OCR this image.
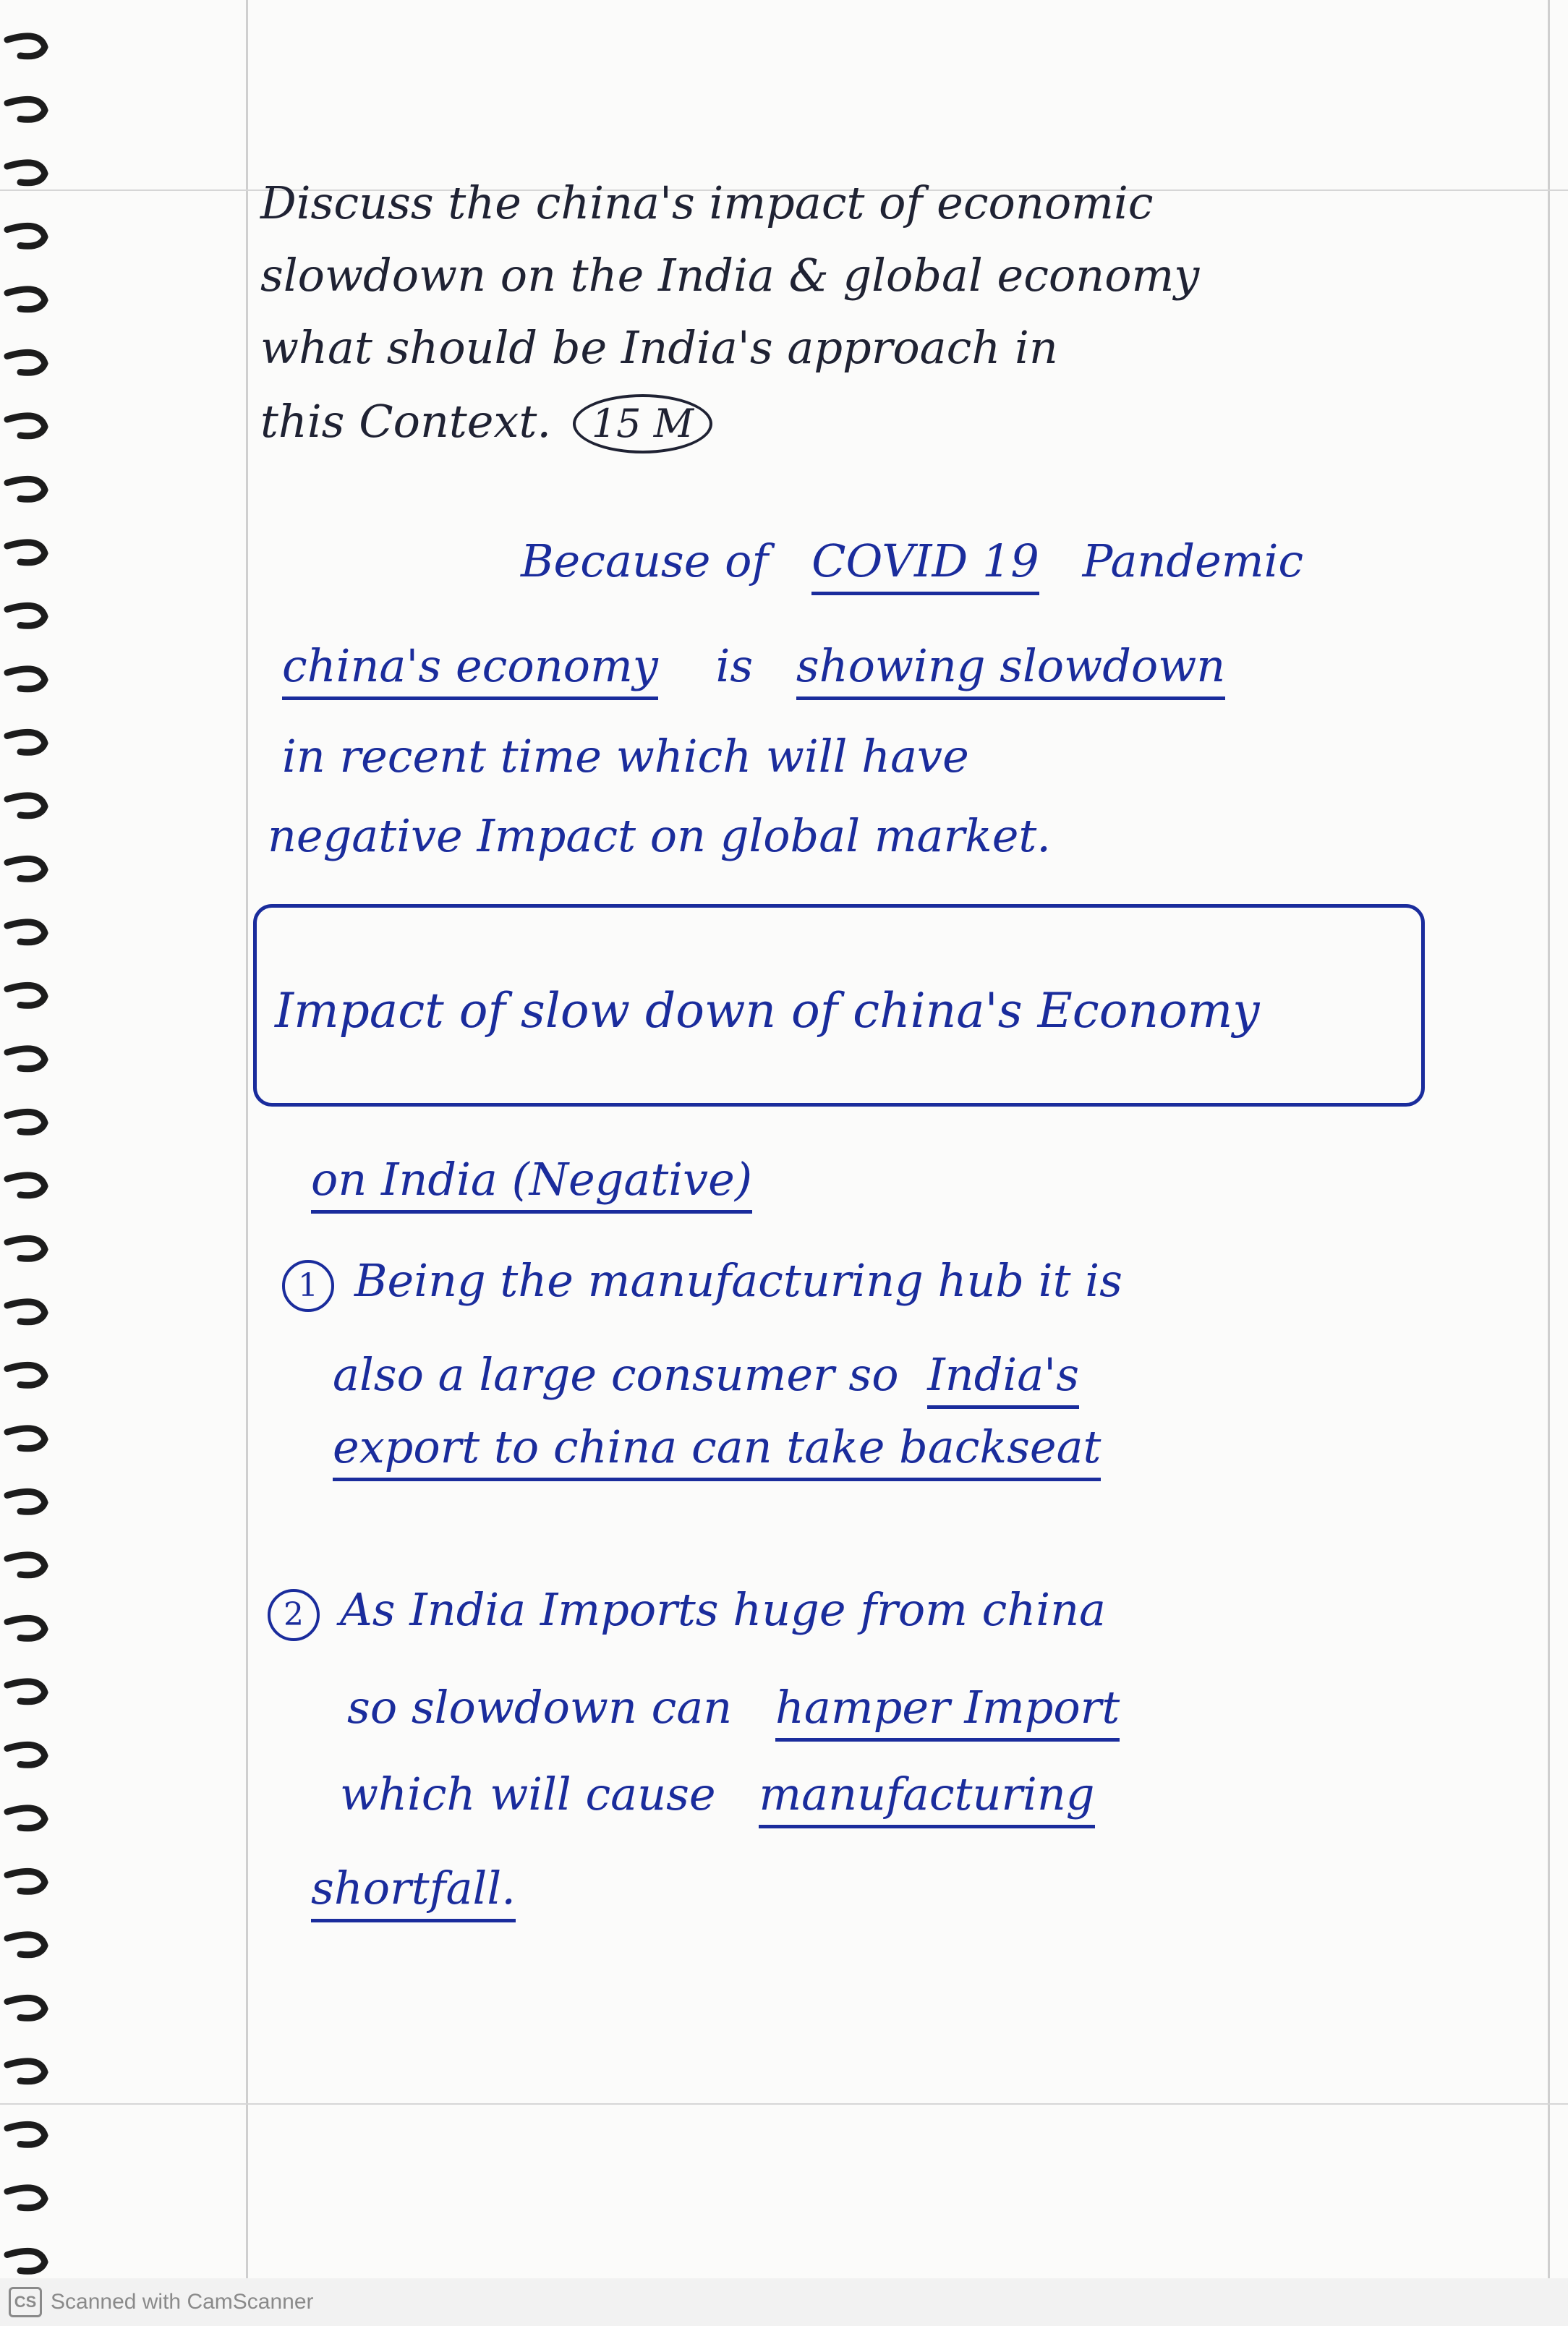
Discuss the china's impact of economic
slowdown on the India & global economy
what should be India's approach in
this Context. 15 M
Because of COVID 19 Pandemic
china's economy is showing slowdown
in recent time which will have
negative Impact on global market.
Impact of slow down of china's Economy
on India (Negative)
1 Being the manufacturing hub it is
also a large consumer so India's
export to china can take backseat
2 As India Imports huge from china
so slowdown can hamper Import
which will cause manufacturing
shortfall.
CS Scanned with CamScanner
